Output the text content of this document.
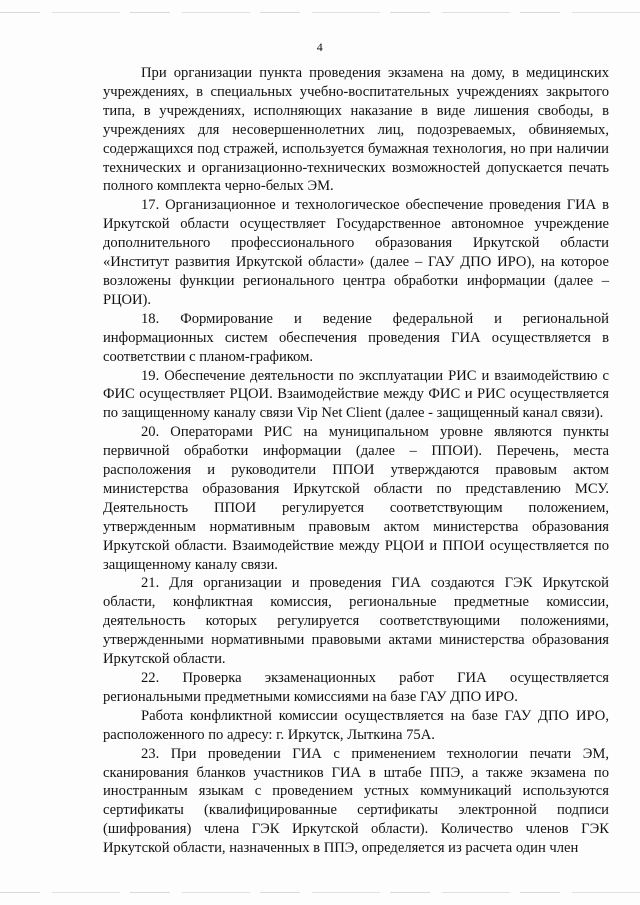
4

При организации пункта проведения экзамена на дому, в медицинских учреждениях, в специальных учебно-воспитательных учреждениях закрытого типа, в учреждениях, исполняющих наказание в виде лишения свободы, в учреждениях для несовершеннолетних лиц, подозреваемых, обвиняемых, содержащихся под стражей, используется бумажная технология, но при наличии технических и организационно-технических возможностей допускается печать полного комплекта черно-белых ЭМ.

17. Организационное и технологическое обеспечение проведения ГИА в Иркутской области осуществляет Государственное автономное учреждение дополнительного профессионального образования Иркутской области «Институт развития Иркутской области» (далее – ГАУ ДПО ИРО), на которое возложены функции регионального центра обработки информации (далее – РЦОИ).

18. Формирование и ведение федеральной и региональной информационных систем обеспечения проведения ГИА осуществляется в соответствии с планом-графиком.

19. Обеспечение деятельности по эксплуатации РИС и взаимодействию с ФИС осуществляет РЦОИ. Взаимодействие между ФИС и РИС осуществляется по защищенному каналу связи Vip Net Client (далее - защищенный канал связи).

20. Операторами РИС на муниципальном уровне являются пункты первичной обработки информации (далее – ППОИ). Перечень, места расположения и руководители ППОИ утверждаются правовым актом министерства образования Иркутской области по представлению МСУ. Деятельность ППОИ регулируется соответствующим положением, утвержденным нормативным правовым актом министерства образования Иркутской области. Взаимодействие между РЦОИ и ППОИ осуществляется по защищенному каналу связи.

21. Для организации и проведения ГИА создаются ГЭК Иркутской области, конфликтная комиссия, региональные предметные комиссии, деятельность которых регулируется соответствующими положениями, утвержденными нормативными правовыми актами министерства образования Иркутской области.

22. Проверка экзаменационных работ ГИА осуществляется региональными предметными комиссиями на базе ГАУ ДПО ИРО.

Работа конфликтной комиссии осуществляется на базе ГАУ ДПО ИРО, расположенного по адресу: г. Иркутск, Лыткина 75А.

23. При проведении ГИА с применением технологии печати ЭМ, сканирования бланков участников ГИА в штабе ППЭ, а также экзамена по иностранным языкам с проведением устных коммуникаций используются сертификаты (квалифицированные сертификаты электронной подписи (шифрования) члена ГЭК Иркутской области). Количество членов ГЭК Иркутской области, назначенных в ППЭ, определяется из расчета один член
